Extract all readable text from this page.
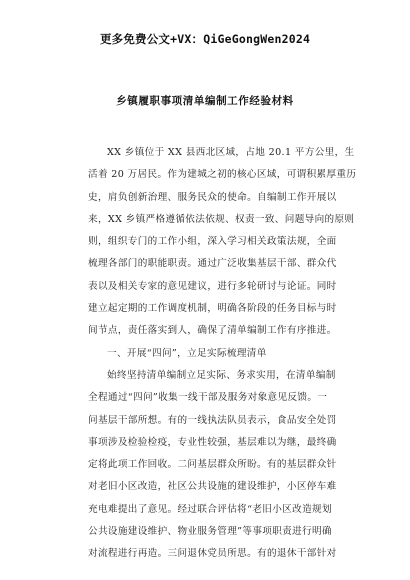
更多免费公文+VX：QiGeGongWen2024
乡镇履职事项清单编制工作经验材料
XX 乡镇位于 XX 县西北区域，占地 20.1 平方公里，生
活着 20 万居民。作为建城之初的核心区域，可谓积累厚重历
史，肩负创新治理、服务民众的使命。自编制工作开展以
来，XX 乡镇严格遵循依法依规、权责一致、问题导向的原则
则，组织专门的工作小组，深入学习相关政策法规，全面
梳理各部门的职能职责。通过广泛收集基层干部、群众代
表以及相关专家的意见建议，进行多轮研讨与论证。同时
建立起定期的工作调度机制，明确各阶段的任务目标与时
间节点，责任落实到人，确保了清单编制工作有序推进。
一、开展“四问”，立足实际梳理清单
始终坚持清单编制立足实际、务求实用，在清单编制
全程通过“四问”收集一线干部及服务对象意见反馈。一
问基层干部所想。有的一线执法队员表示，食品安全处罚
事项涉及检验检疫，专业性较强，基层难以为继，最终确
定将此项工作回收。二问基层群众所盼。有的基层群众针
对老旧小区改造，社区公共设施的建设维护，小区停车难
充电难提出了意见。经过联合评估将“老旧小区改造规划
公共设施建设维护、物业服务管理”等事项职责进行明确
对流程进行再造。三问退休党员所思。有的退休干部针对
